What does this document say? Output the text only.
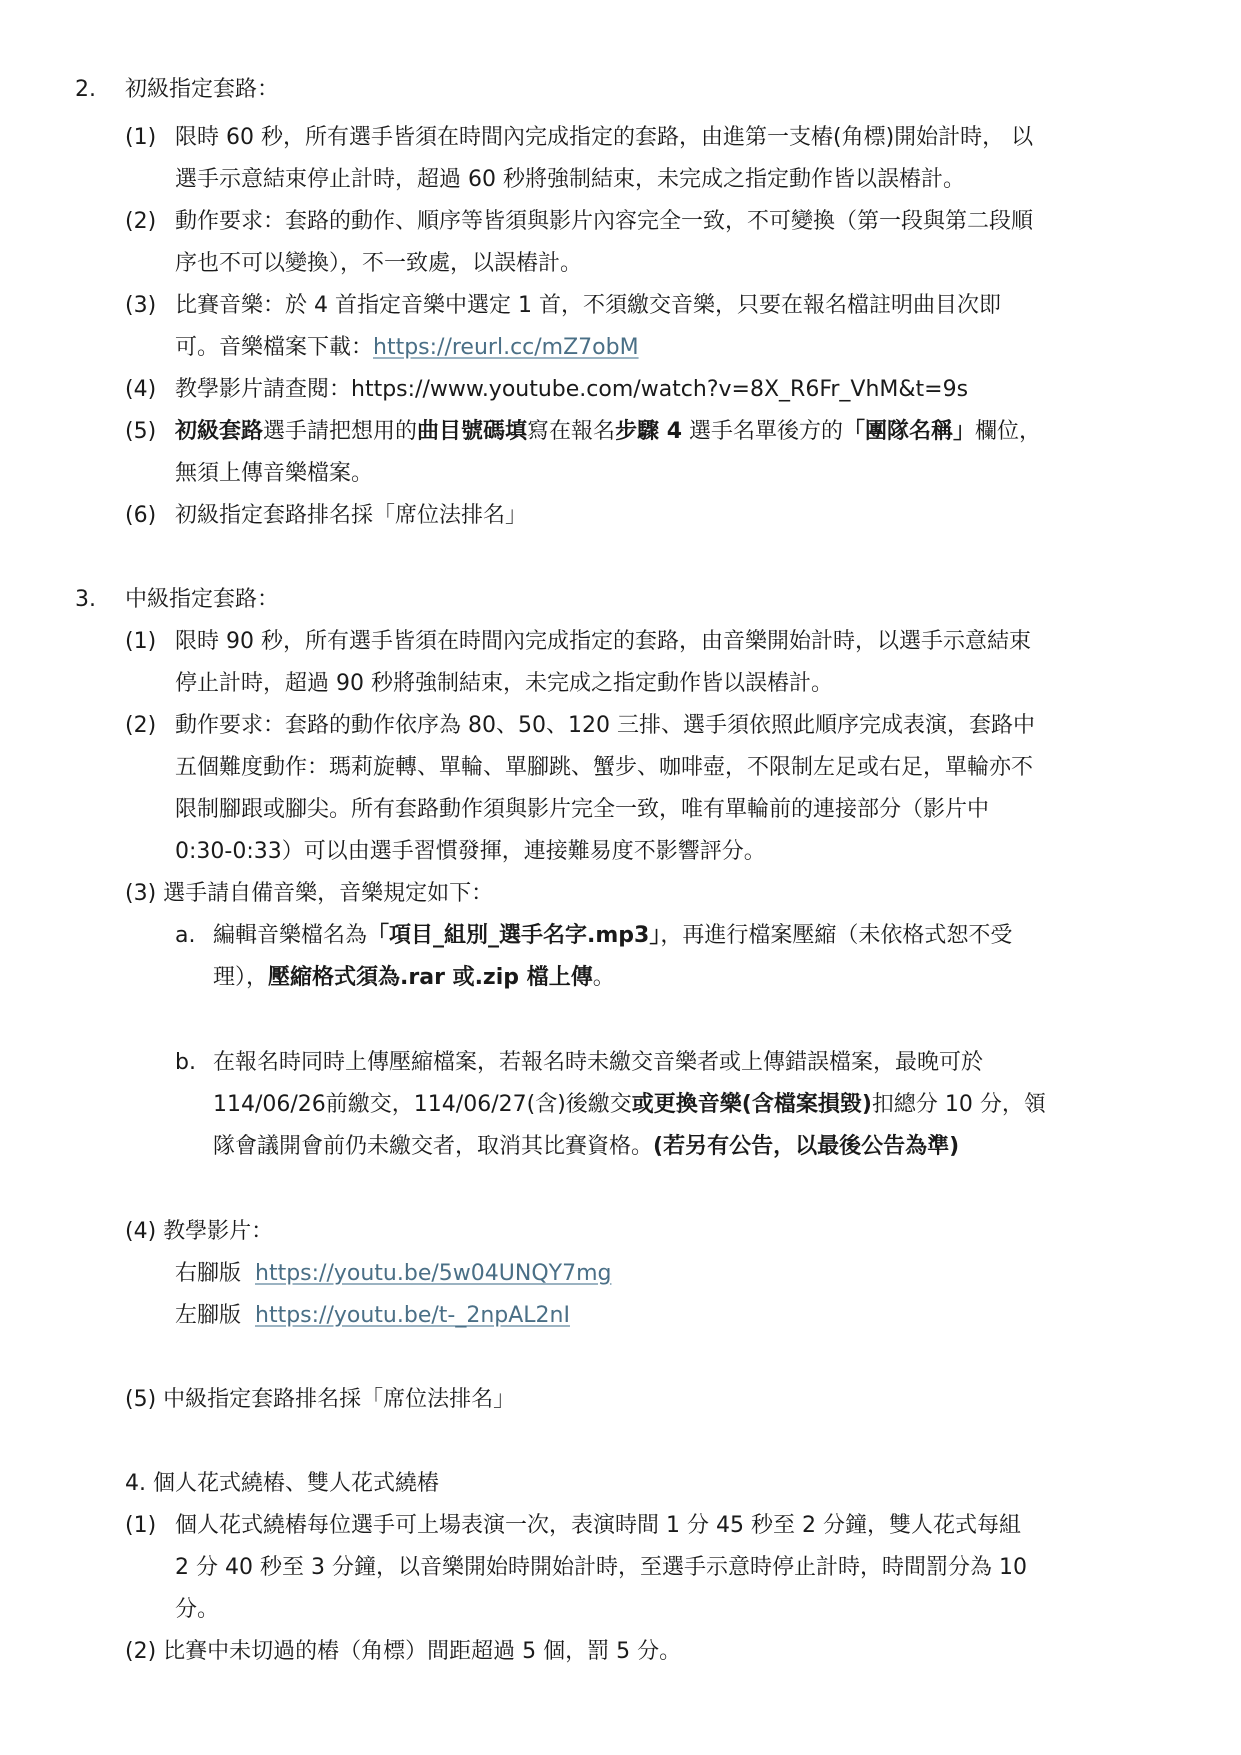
2. 初級指定套路：
(1) 限時 60 秒，所有選手皆須在時間內完成指定的套路，由進第一支樁(角標)開始計時， 以
選手示意結束停止計時，超過 60 秒將強制結束，未完成之指定動作皆以誤樁計。
(2) 動作要求：套路的動作、順序等皆須與影片內容完全一致，不可變換（第一段與第二段順
序也不可以變換），不一致處，以誤樁計。
(3) 比賽音樂：於 4 首指定音樂中選定 1 首，不須繳交音樂，只要在報名檔註明曲目次即
可。音樂檔案下載：https://reurl.cc/mZ7obM
(4) 教學影片請查閱：https://www.youtube.com/watch?v=8X_R6Fr_VhM&t=9s
(5) 初級套路選手請把想用的曲目號碼填寫在報名步驟 4 選手名單後方的「團隊名稱」欄位，
無須上傳音樂檔案。
(6) 初級指定套路排名採「席位法排名」
3. 中級指定套路：
(1) 限時 90 秒，所有選手皆須在時間內完成指定的套路，由音樂開始計時，以選手示意結束
停止計時，超過 90 秒將強制結束，未完成之指定動作皆以誤樁計。
(2) 動作要求：套路的動作依序為 80、50、120 三排、選手須依照此順序完成表演，套路中
五個難度動作：瑪莉旋轉、單輪、單腳跳、蟹步、咖啡壺，不限制左足或右足，單輪亦不
限制腳跟或腳尖。所有套路動作須與影片完全一致，唯有單輪前的連接部分（影片中
0:30-0:33）可以由選手習慣發揮，連接難易度不影響評分。
(3) 選手請自備音樂，音樂規定如下：
a. 編輯音樂檔名為「項目_組別_選手名字.mp3」，再進行檔案壓縮（未依格式恕不受
理），壓縮格式須為.rar 或.zip 檔上傳。
b. 在報名時同時上傳壓縮檔案，若報名時未繳交音樂者或上傳錯誤檔案，最晚可於
114/06/26前繳交，114/06/27(含)後繳交或更換音樂(含檔案損毀)扣總分 10 分，領
隊會議開會前仍未繳交者，取消其比賽資格。(若另有公告，以最後公告為準)
(4) 教學影片：
右腳版 https://youtu.be/5w04UNQY7mg
左腳版 https://youtu.be/t-_2npAL2nI
(5) 中級指定套路排名採「席位法排名」
4. 個人花式繞樁、雙人花式繞樁
(1) 個人花式繞樁每位選手可上場表演一次，表演時間 1 分 45 秒至 2 分鐘，雙人花式每組
2 分 40 秒至 3 分鐘，以音樂開始時開始計時，至選手示意時停止計時，時間罰分為 10
分。
(2) 比賽中未切過的樁（角標）間距超過 5 個，罰 5 分。
